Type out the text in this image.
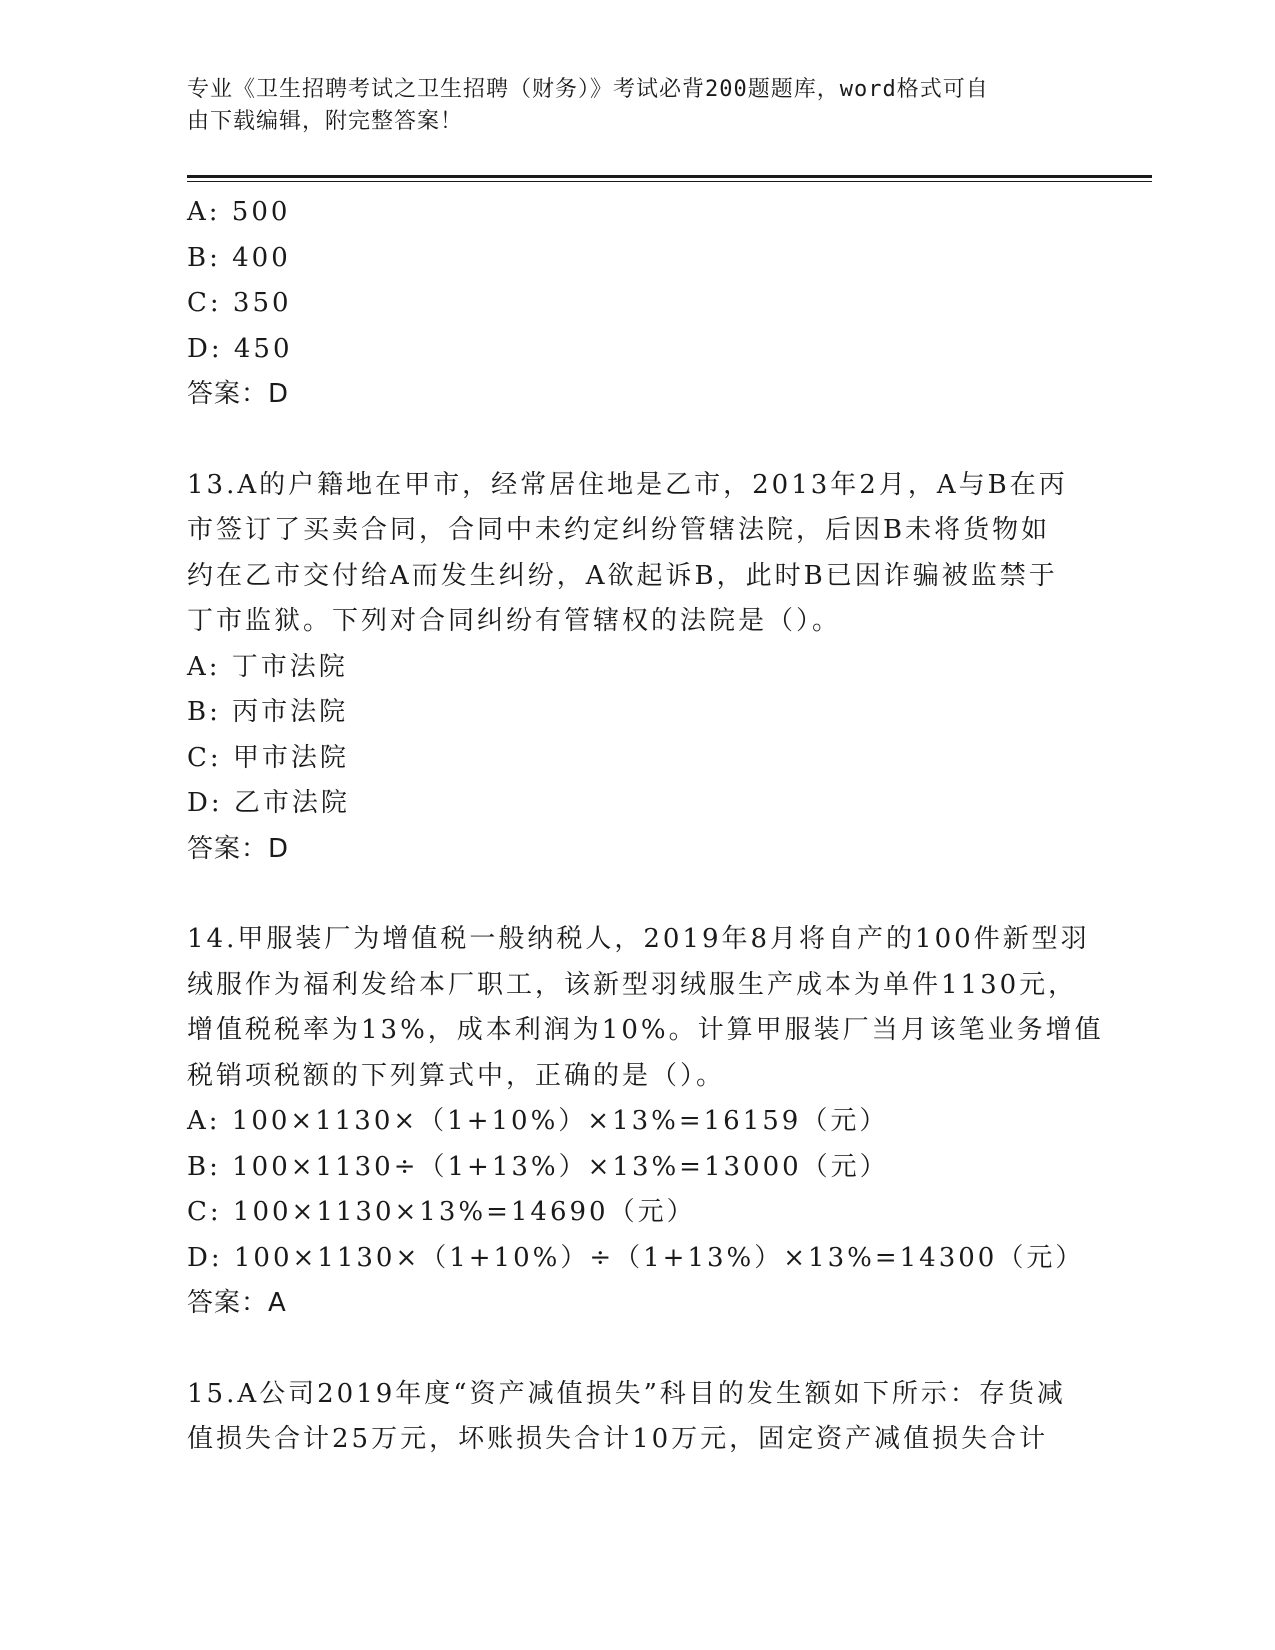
专业《卫生招聘考试之卫生招聘（财务）》考试必背200题题库，word格式可自
由下载编辑，附完整答案！
A: 500
B: 400
C: 350
D: 450
答案：D
13.A的户籍地在甲市，经常居住地是乙市，2013年2月，A与B在丙
市签订了买卖合同，合同中未约定纠纷管辖法院，后因B未将货物如
约在乙市交付给A而发生纠纷，A欲起诉B，此时B已因诈骗被监禁于
丁市监狱。下列对合同纠纷有管辖权的法院是（）。
A: 丁市法院
B: 丙市法院
C: 甲市法院
D: 乙市法院
答案：D
14.甲服装厂为增值税一般纳税人，2019年8月将自产的100件新型羽
绒服作为福利发给本厂职工，该新型羽绒服生产成本为单件1130元，
增值税税率为13%，成本利润为10%。计算甲服装厂当月该笔业务增值
税销项税额的下列算式中，正确的是（）。
A: 100×1130×（1+10%）×13%=16159（元）
B: 100×1130÷（1+13%）×13%=13000（元）
C: 100×1130×13%=14690（元）
D: 100×1130×（1+10%）÷（1+13%）×13%=14300（元）
答案：A
15.A公司2019年度“资产减值损失”科目的发生额如下所示：存货减
值损失合计25万元，坏账损失合计10万元，固定资产减值损失合计
